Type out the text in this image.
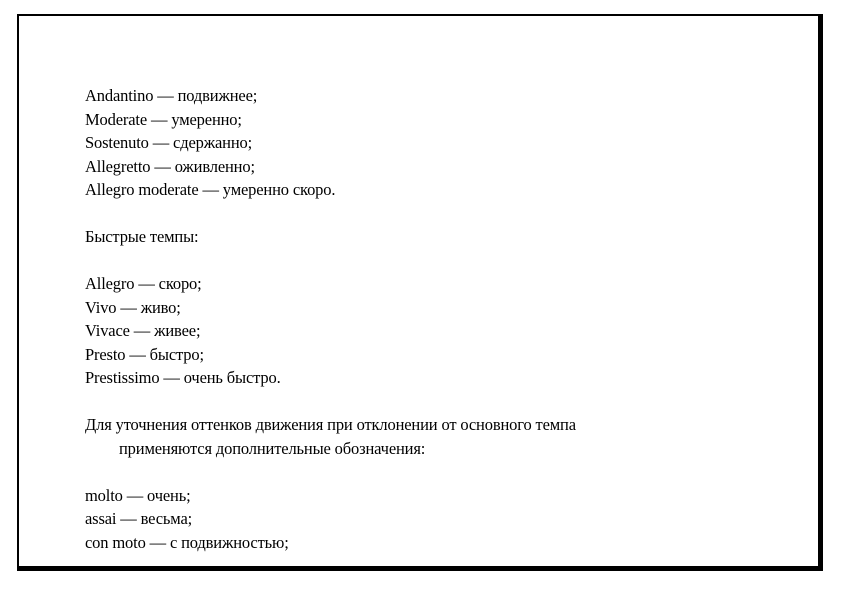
Andantino — подвижнее;
Moderate — умеренно;
Sostenuto — сдержанно;
Allegretto — оживленно;
Allegro moderate — умеренно скоро.
Быстрые темпы:
Allegro — скоро;
Vivo — живо;
Vivace — живее;
Presto — быстро;
Prestissimo — очень быстро.
Для уточнения оттенков движения при отклонении от основного темпа
применяются дополнительные обозначения:
molto — очень;
assai — весьма;
con moto — с подвижностью;
